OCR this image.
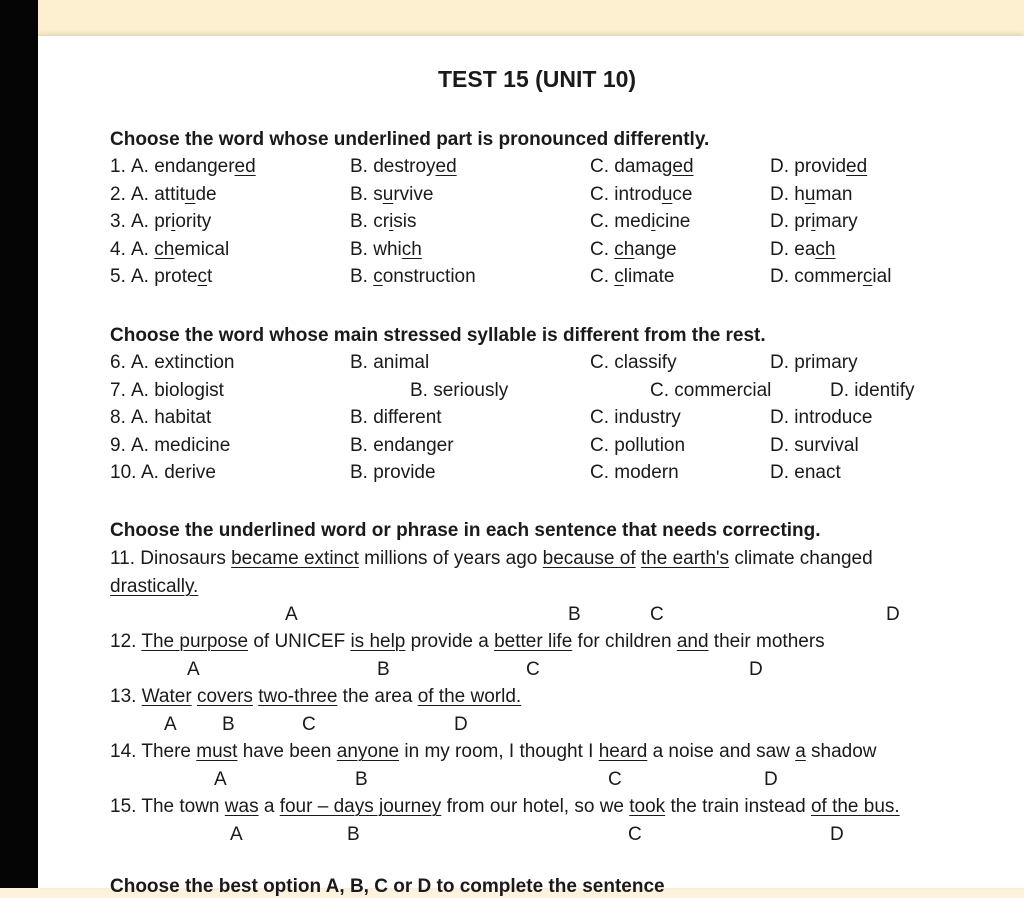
TEST 15 (UNIT 10)
Choose the word whose underlined part is pronounced differently.
Choose the word whose main stressed syllable is different from the rest.
Choose the underlined word or phrase in each sentence that needs correcting.
1. A. endangered	B. destroyed	C. damaged	D. provided
2. A. attitude	B. survive	C. introduce	D. human
3. A. priority	B. crisis	C. medicine	D. primary
4. A. chemical	B. which	C. change	D. each
5. A. protect	B. construction	C. climate	D. commercial
6. A. extinction	B. animal	C. classify	D. primary
7. A. biologist	B. seriously	C. commercial	D. identify
8. A. habitat	B. different	C. industry	D. introduce
9. A. medicine	B. endanger	C. pollution	D. survival
10. A. derive	B. provide	C. modern	D. enact
11. Dinosaurs became extinct millions of years ago because of the earth's climate changed
drastically.
12. The purpose of UNICEF is help provide a better life for children and their mothers
13. Water covers two-three the area of the world.
14. There must have been anyone in my room, I thought I heard a noise and saw a shadow
15. The town was a four – days journey from our hotel, so we took the train instead of the bus.
A	B	C	D
A	B	C	D
A B	C	D
A	B	C	D
A	B	C	D
Choose the best option A, B, C or D to complete the sentence
